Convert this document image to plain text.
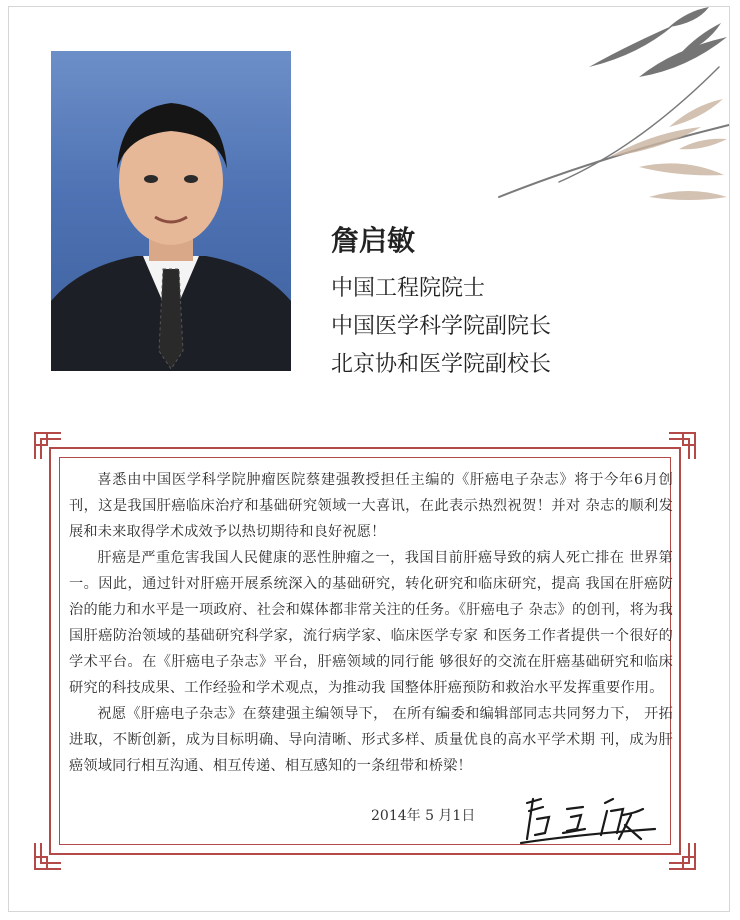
詹启敏
中国工程院院士
中国医学科学院副院长
北京协和医学院副校长

喜悉由中国医学科学院肿瘤医院蔡建强教授担任主编的《肝癌电子杂志》将于今年6月创刊，这是我国肝癌临床治疗和基础研究领域一大喜讯，在此表示热烈祝贺！并对 杂志的顺利发展和未来取得学术成效予以热切期待和良好祝愿！

肝癌是严重危害我国人民健康的恶性肿瘤之一，我国目前肝癌导致的病人死亡排在 世界第一。因此，通过针对肝癌开展系统深入的基础研究，转化研究和临床研究，提高 我国在肝癌防治的能力和水平是一项政府、社会和媒体都非常关注的任务。《肝癌电子 杂志》的创刊，将为我国肝癌防治领域的基础研究科学家，流行病学家、临床医学专家 和医务工作者提供一个很好的学术平台。在《肝癌电子杂志》平台，肝癌领域的同行能 够很好的交流在肝癌基础研究和临床研究的科技成果、工作经验和学术观点，为推动我 国整体肝癌预防和救治水平发挥重要作用。

祝愿《肝癌电子杂志》在蔡建强主编领导下， 在所有编委和编辑部同志共同努力下， 开拓进取，不断创新，成为目标明确、导向清晰、形式多样、质量优良的高水平学术期 刊，成为肝癌领域同行相互沟通、相互传递、相互感知的一条纽带和桥梁！

2014年 5 月1日
